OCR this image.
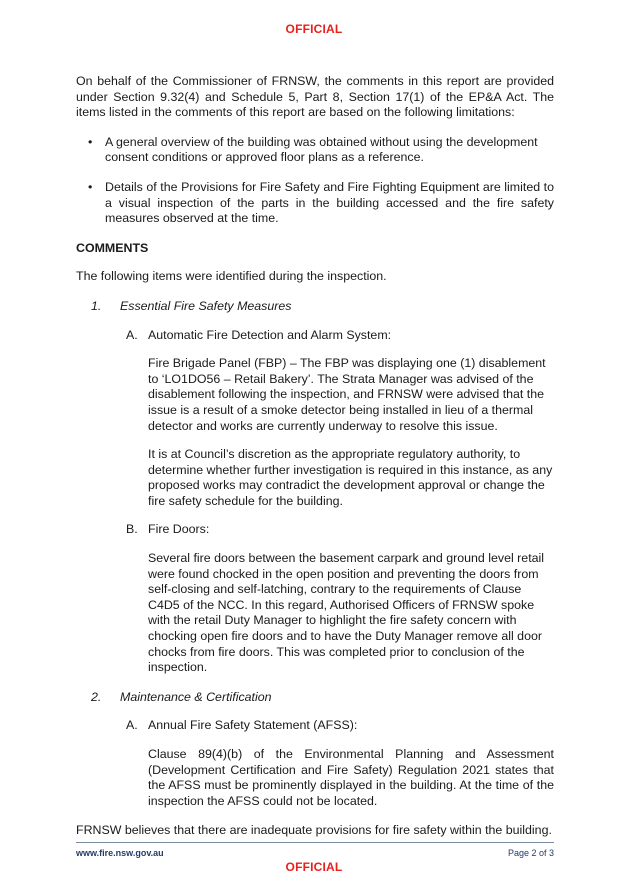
OFFICIAL

On behalf of the Commissioner of FRNSW, the comments in this report are provided under Section 9.32(4) and Schedule 5, Part 8, Section 17(1) of the EP&A Act. The items listed in the comments of this report are based on the following limitations:

•	A general overview of the building was obtained without using the development consent conditions or approved floor plans as a reference.
•	Details of the Provisions for Fire Safety and Fire Fighting Equipment are limited to a visual inspection of the parts in the building accessed and the fire safety measures observed at the time.

COMMENTS

The following items were identified during the inspection.

1.	Essential Fire Safety Measures
A. Automatic Fire Detection and Alarm System:

Fire Brigade Panel (FBP) – The FBP was displaying one (1) disablement to ‘LO1DO56 – Retail Bakery’. The Strata Manager was advised of the disablement following the inspection, and FRNSW were advised that the issue is a result of a smoke detector being installed in lieu of a thermal detector and works are currently underway to resolve this issue.

It is at Council’s discretion as the appropriate regulatory authority, to determine whether further investigation is required in this instance, as any proposed works may contradict the development approval or change the fire safety schedule for the building.

B. Fire Doors:

Several fire doors between the basement carpark and ground level retail were found chocked in the open position and preventing the doors from self-closing and self-latching, contrary to the requirements of Clause C4D5 of the NCC. In this regard, Authorised Officers of FRNSW spoke with the retail Duty Manager to highlight the fire safety concern with chocking open fire doors and to have the Duty Manager remove all door chocks from fire doors. This was completed prior to conclusion of the inspection.

2.	Maintenance & Certification
A. Annual Fire Safety Statement (AFSS):

Clause 89(4)(b) of the Environmental Planning and Assessment (Development Certification and Fire Safety) Regulation 2021 states that the AFSS must be prominently displayed in the building. At the time of the inspection the AFSS could not be located.

FRNSW believes that there are inadequate provisions for fire safety within the building.

www.fire.nsw.gov.au	Page 2 of 3
OFFICIAL
